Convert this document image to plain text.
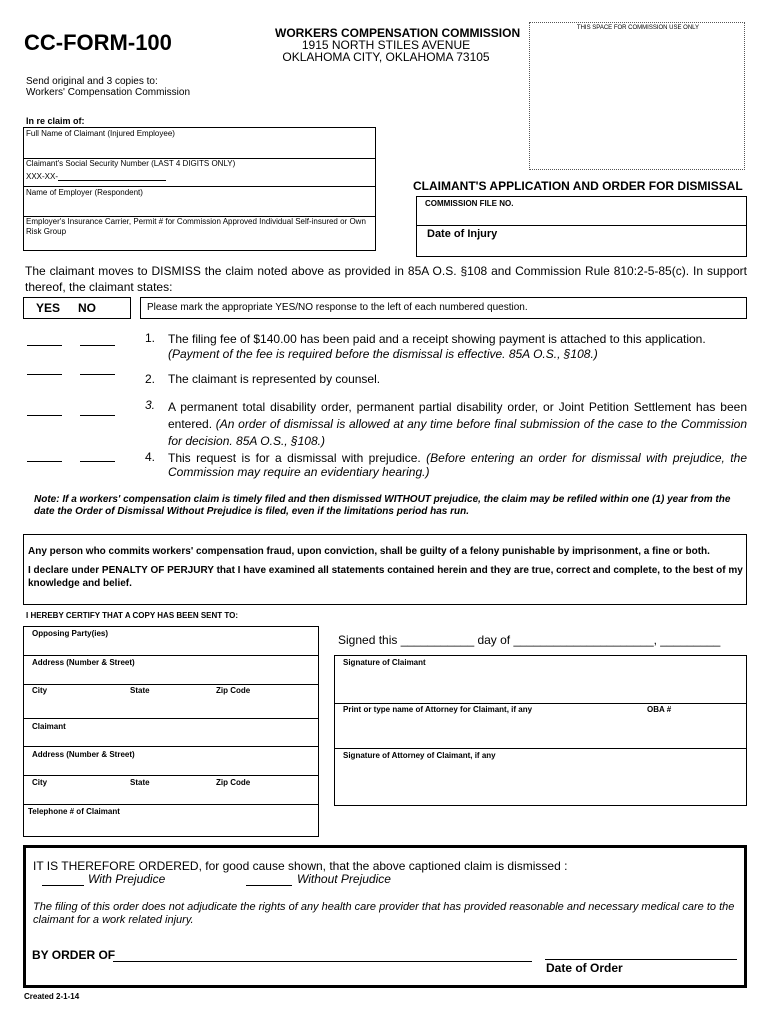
CC-FORM-100	WORKERS COMPENSATION COMMISSION
1915 NORTH STILES AVENUE
OKLAHOMA CITY, OKLAHOMA 73105
THIS SPACE FOR COMMISSION USE ONLY
Send original and 3 copies to:
Workers' Compensation Commission
In re claim of:
Full Name of Claimant (Injured Employee)
Claimant's Social Security Number (LAST 4 DIGITS ONLY)
XXX-XX-
Name of Employer (Respondent)
Employer's Insurance Carrier, Permit # for Commission Approved Individual Self-insured or Own Risk Group
CLAIMANT'S APPLICATION AND ORDER FOR DISMISSAL
COMMISSION FILE NO.
Date of Injury
The claimant moves to DISMISS the claim noted above as provided in 85A O.S. §108 and Commission Rule 810:2-5-85(c). In support thereof, the claimant states:
YES NO	Please mark the appropriate YES/NO response to the left of each numbered question.
1. The filing fee of $140.00 has been paid and a receipt showing payment is attached to this application.
(Payment of the fee is required before the dismissal is effective. 85A O.S., §108.)
2. The claimant is represented by counsel.
3. A permanent total disability order, permanent partial disability order, or Joint Petition Settlement has been entered. (An order of dismissal is allowed at any time before final submission of the case to the Commission for decision. 85A O.S., §108.)
4. This request is for a dismissal with prejudice. (Before entering an order for dismissal with prejudice, the Commission may require an evidentiary hearing.)
Note: If a workers' compensation claim is timely filed and then dismissed WITHOUT prejudice, the claim may be refiled within one (1) year from the date the Order of Dismissal Without Prejudice is filed, even if the limitations period has run.
Any person who commits workers' compensation fraud, upon conviction, shall be guilty of a felony punishable by imprisonment, a fine or both.
I declare under PENALTY OF PERJURY that I have examined all statements contained herein and they are true, correct and complete, to the best of my knowledge and belief.
I HEREBY CERTIFY THAT A COPY HAS BEEN SENT TO:
Opposing Party(ies)
Address (Number & Street)
City	State	Zip Code
Claimant
Address (Number & Street)
City	State	Zip Code
Telephone # of Claimant
Signed this ___________ day of _____________________, _________
Signature of Claimant
Print or type name of Attorney for Claimant, if any	OBA #
Signature of Attorney of Claimant, if any
IT IS THEREFORE ORDERED, for good cause shown, that the above captioned claim is dismissed :
With Prejudice	Without Prejudice
The filing of this order does not adjudicate the rights of any health care provider that has provided reasonable and necessary medical care to the claimant for a work related injury.
BY ORDER OF
Date of Order
Created 2-1-14
